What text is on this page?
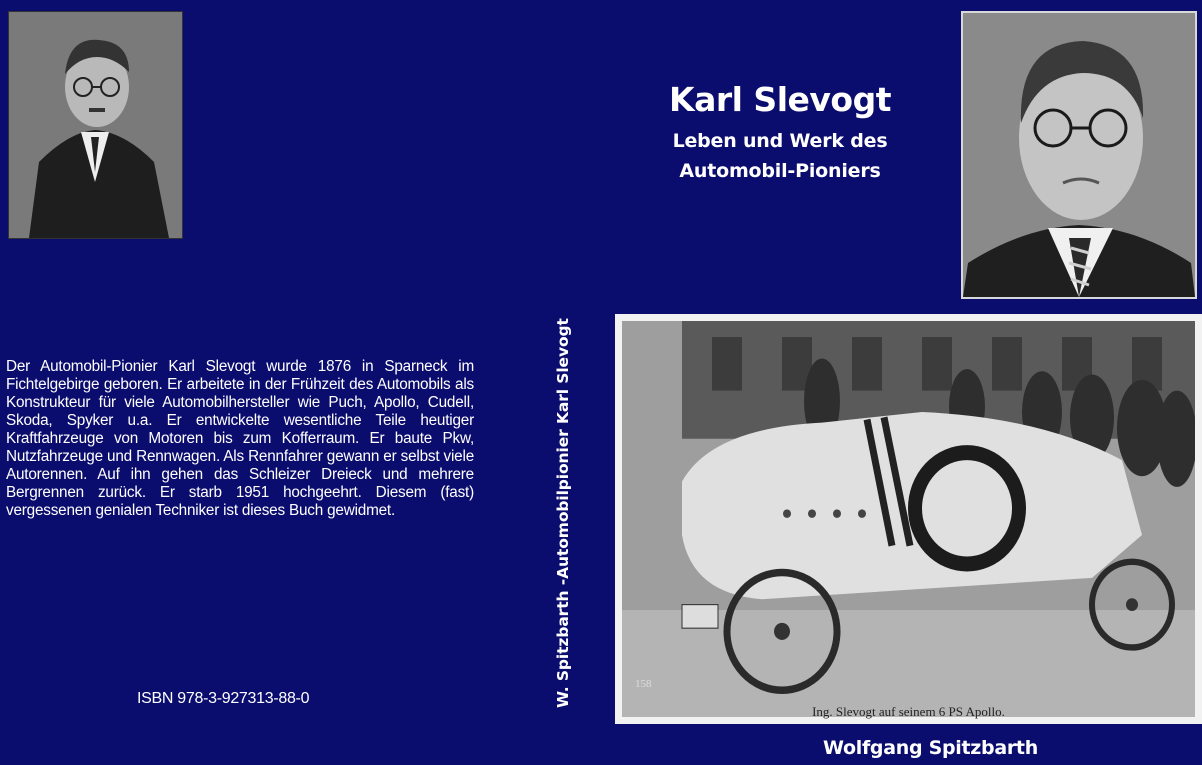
Der Automobil-Pionier Karl Slevogt wurde 1876 in Sparneck im Fichtelgebirge geboren. Er arbeitete in der Frühzeit des Automobils als Konstrukteur für viele Automobilhersteller wie Puch, Apollo, Cudell, Skoda, Spyker u.a. Er entwickelte wesentliche Teile heutiger Kraftfahrzeuge von Motoren bis zum Kofferraum. Er baute Pkw, Nutzfahrzeuge und Rennwagen. Als Rennfahrer gewann er selbst viele Autorennen. Auf ihn gehen das Schleizer Dreieck und mehrere Bergrennen zurück. Er starb 1951 hochgeehrt. Diesem (fast) vergessenen genialen Techniker ist dieses Buch gewidmet.
ISBN 978-3-927313-88-0	W. Spitzbarth -Automobilpionier Karl Slevogt
Karl Slevogt
Leben und Werk des
Automobil-Pioniers
158
Ing. Slevogt auf seinem 6 PS Apollo.
Wolfgang Spitzbarth
